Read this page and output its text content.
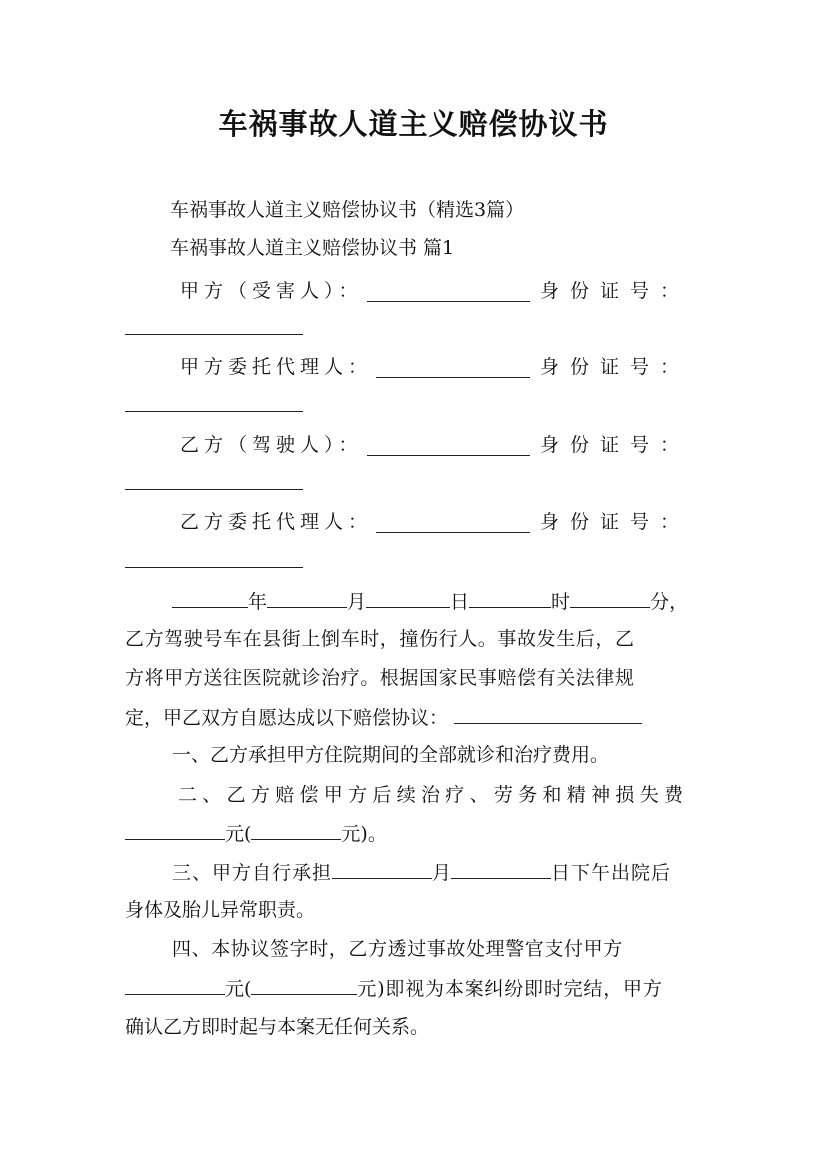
车祸事故人道主义赔偿协议书
车祸事故人道主义赔偿协议书（精选3篇）
车祸事故人道主义赔偿协议书 篇1
甲方（受害人）：	身份证号：
甲方委托代理人：	身份证号：
乙方（驾驶人）：	身份证号：
乙方委托代理人：	身份证号：
年	月	日	时	分，
乙方驾驶号车在县街上倒车时，撞伤行人。事故发生后，乙
方将甲方送往医院就诊治疗。根据国家民事赔偿有关法律规
定，甲乙双方自愿达成以下赔偿协议：
一、乙方承担甲方住院期间的全部就诊和治疗费用。
二、乙方赔偿甲方后续治疗、劳务和精神损失费
元(	元)。
三、甲方自行承担	月	日下午出院后
身体及胎儿异常职责。
四、本协议签字时，乙方透过事故处理警官支付甲方
元(	元)即视为本案纠纷即时完结，甲方
确认乙方即时起与本案无任何关系。
